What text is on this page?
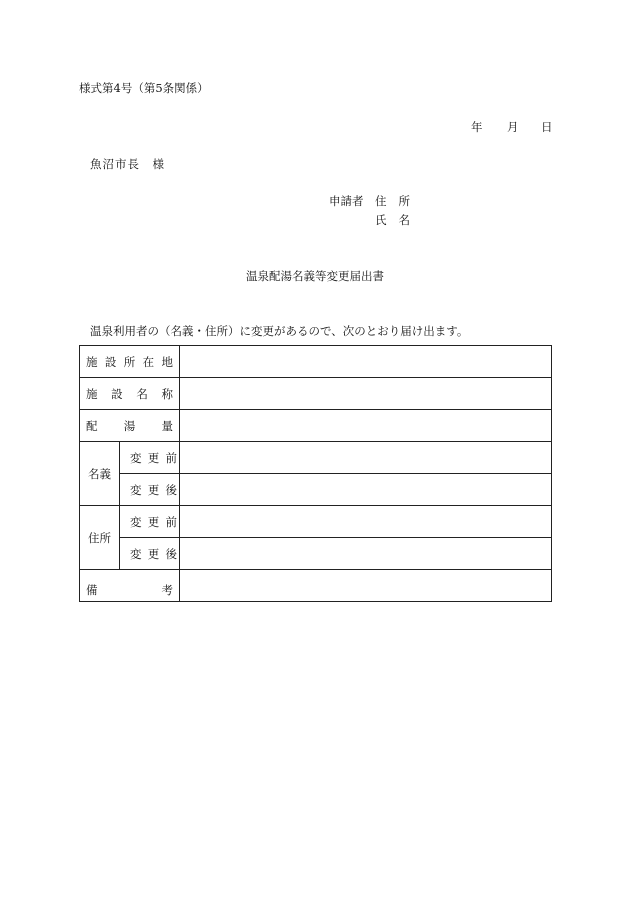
様式第4号（第5条関係）
年 月 日
魚沼市長　様
申請者 住 所
氏 名
温泉配湯名義等変更届出書
温泉利用者の（名義・住所）に変更があるので、次のとおり届け出ます。
施 設 所 在 地		

施 設 名 称		

配 湯 量		

名義	変 更 前	

	変 更 後	

住所	変 更 前	

	変 更 後	

備 考		
